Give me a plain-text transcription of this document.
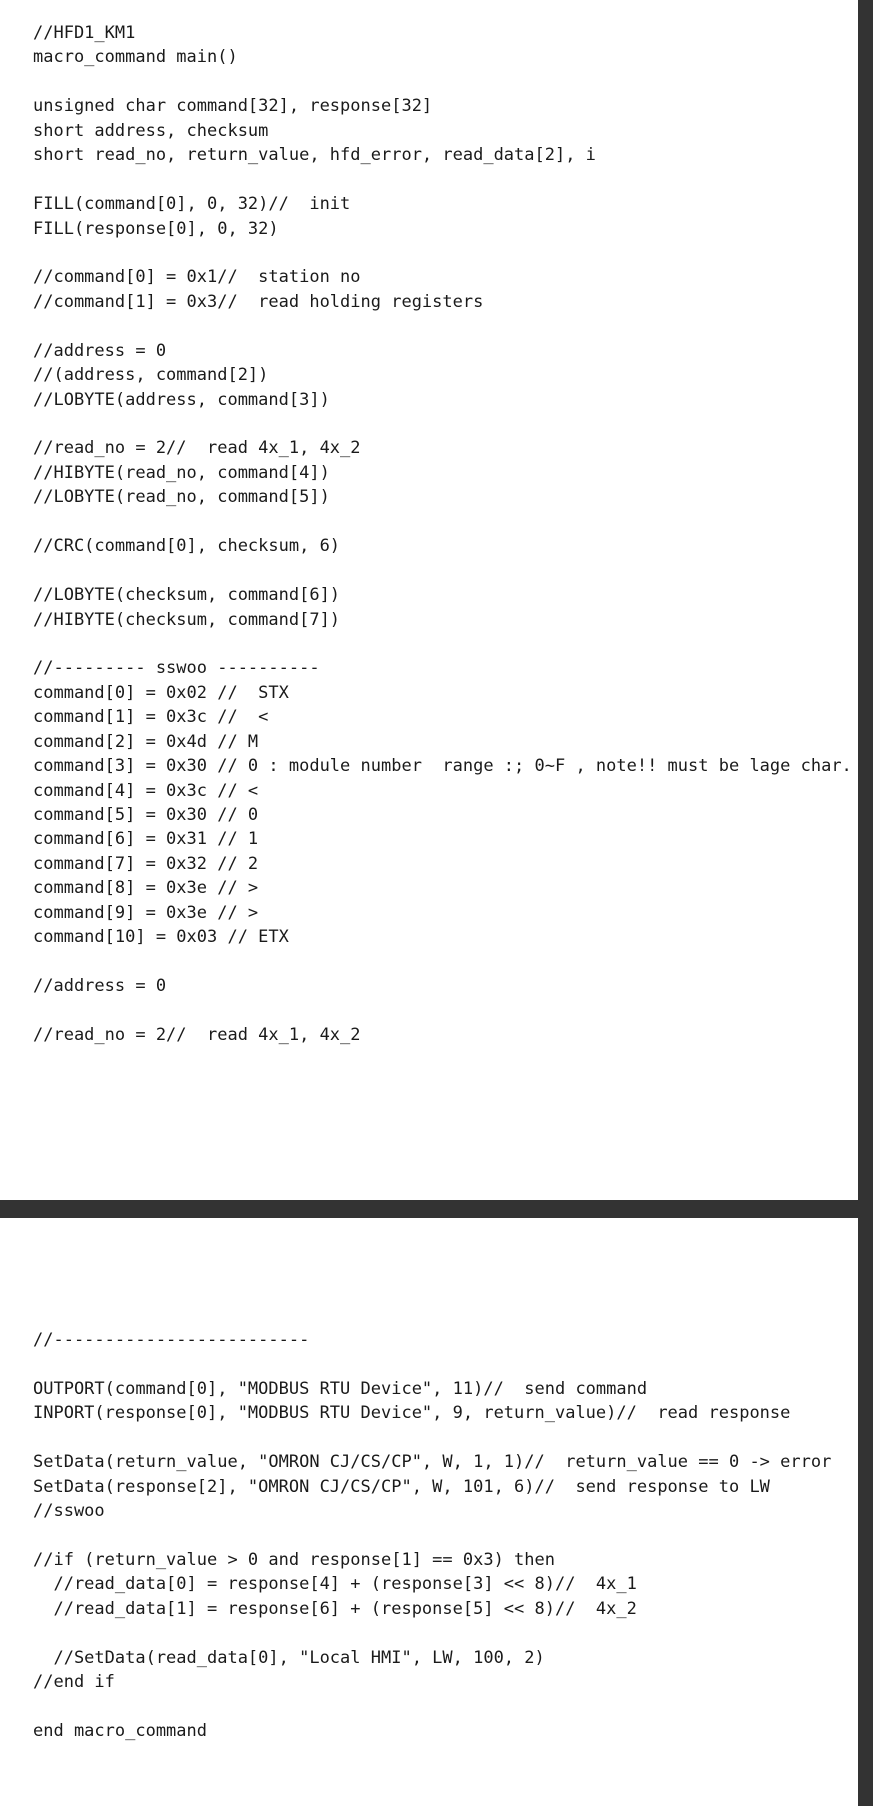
//HFD1_KM1
macro_command main()

unsigned char command[32], response[32]
short address, checksum
short read_no, return_value, hfd_error, read_data[2], i

FILL(command[0], 0, 32)//  init
FILL(response[0], 0, 32)

//command[0] = 0x1//  station no
//command[1] = 0x3//  read holding registers

//address = 0
//(address, command[2])
//LOBYTE(address, command[3])

//read_no = 2//  read 4x_1, 4x_2
//HIBYTE(read_no, command[4])
//LOBYTE(read_no, command[5])

//CRC(command[0], checksum, 6)

//LOBYTE(checksum, command[6])
//HIBYTE(checksum, command[7])

//--------- sswoo ----------
command[0] = 0x02 //  STX
command[1] = 0x3c //  <
command[2] = 0x4d // M
command[3] = 0x30 // 0 : module number  range :; 0~F , note!! must be lage char.
command[4] = 0x3c // <
command[5] = 0x30 // 0
command[6] = 0x31 // 1
command[7] = 0x32 // 2
command[8] = 0x3e // >
command[9] = 0x3e // >
command[10] = 0x03 // ETX

//address = 0

//read_no = 2//  read 4x_1, 4x_2
//-------------------------

OUTPORT(command[0], "MODBUS RTU Device", 11)//  send command
INPORT(response[0], "MODBUS RTU Device", 9, return_value)//  read response

SetData(return_value, "OMRON CJ/CS/CP", W, 1, 1)//  return_value == 0 -> error
SetData(response[2], "OMRON CJ/CS/CP", W, 101, 6)//  send response to LW
//sswoo

//if (return_value > 0 and response[1] == 0x3) then
//read_data[0] = response[4] + (response[3] << 8)//  4x_1
//read_data[1] = response[6] + (response[5] << 8)//  4x_2

//SetData(read_data[0], "Local HMI", LW, 100, 2)
//end if

end macro_command
